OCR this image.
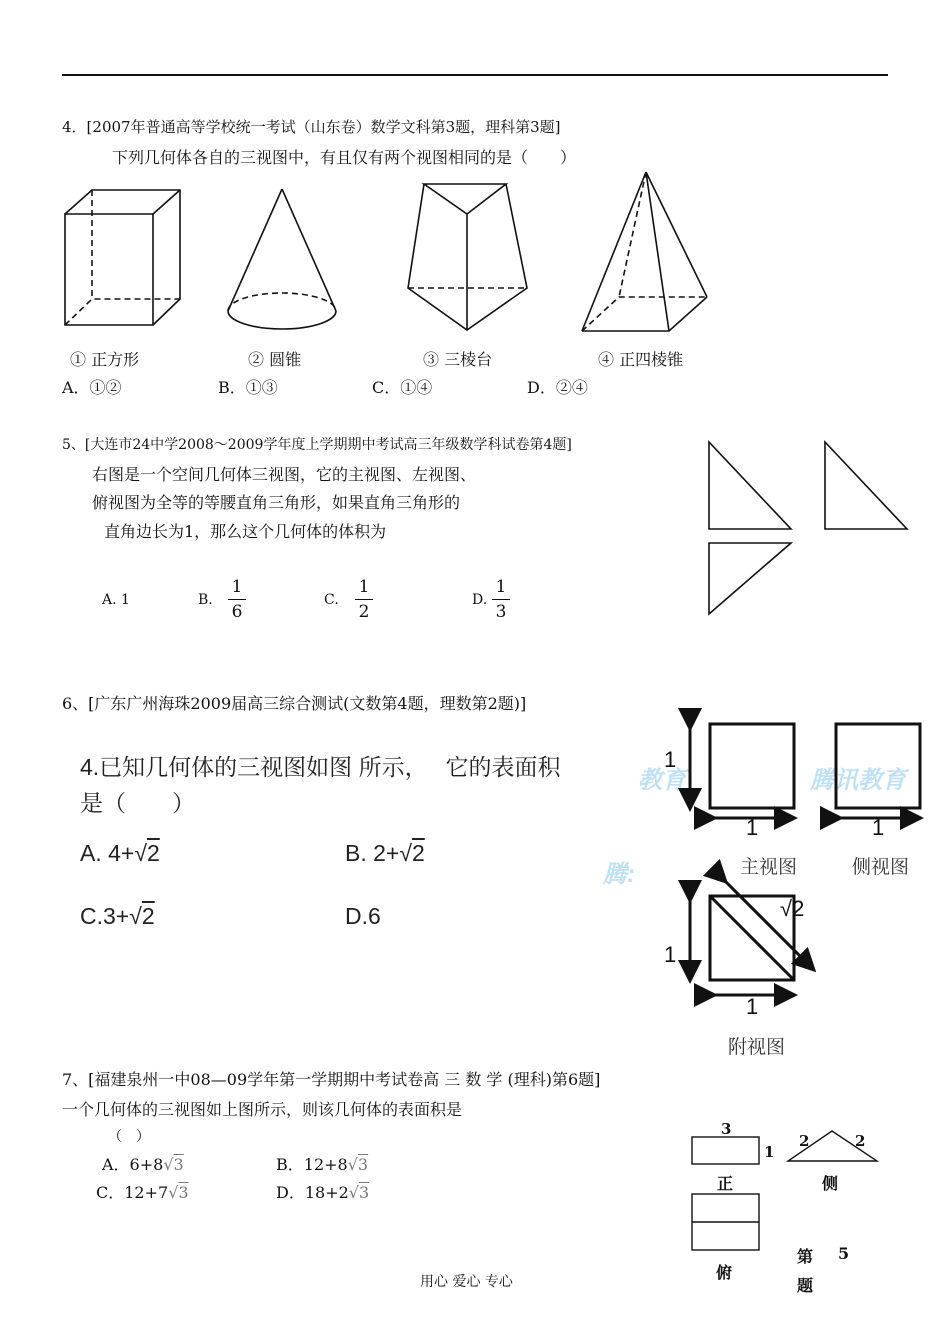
4．[2007年普通高等学校统一考试（山东卷）数学文科第3题，理科第3题]
下列几何体各自的三视图中，有且仅有两个视图相同的是（　　）
① 正方形	② 圆锥	③ 三棱台	④ 正四棱锥
A．①②	B．①③	C．①④	D．②④
5、[大连市24中学2008～2009学年度上学期期中考试高三年级数学科试卷第4题]
右图是一个空间几何体三视图，它的主视图、左视图、
俯视图为全等的等腰直角三角形，如果直角三角形的
直角边长为1，那么这个几何体的体积为
A. 1	B.
1
6
C.
1
2
D.
1
3
6、[广东广州海珠2009届高三综合测试(文数第4题，理数第2题)]
4.已知几何体的三视图如图 所示，　 它的表面积
是（　　）
A. 4+√2	B. 2+√2
C.3+√2	D.6
教育	腾讯教育
腾:
1
1	1
主视图	侧视图
√2
1
1
附视图
7、[福建泉州一中08—09学年第一学期期中考试卷高 三 数 学 (理科)第6题]
一个几何体的三视图如上图所示，则该几何体的表面积是
（　）
A．6+8√3	B．12+8√3
C．12+7√3	D．18+2√3
3
1
2	2
正	侧
俯
第 5
题
用心 爱心 专心
